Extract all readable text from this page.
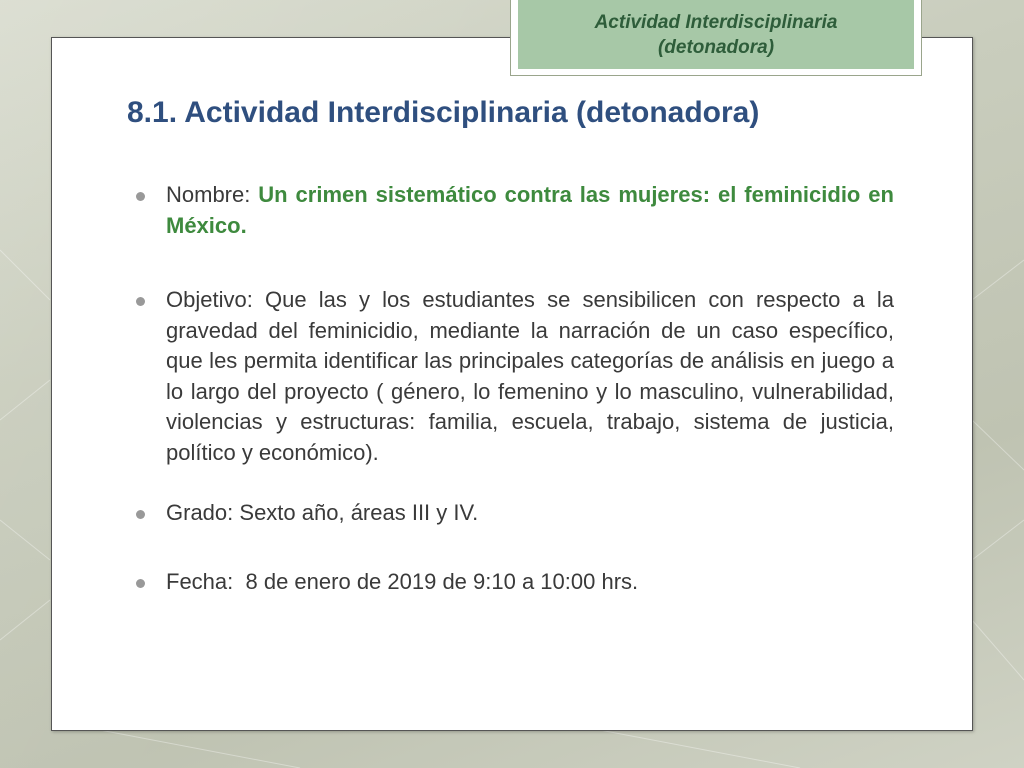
Actividad Interdisciplinaria
(detonadora)
8.1. Actividad Interdisciplinaria (detonadora)
Nombre: Un crimen sistemático contra las mujeres: el feminicidio en México.
Objetivo: Que las y los estudiantes se sensibilicen con respecto a la gravedad del feminicidio, mediante la narración de un caso específico, que les permita identificar las principales categorías de análisis en juego a lo largo del proyecto ( género, lo femenino y lo masculino, vulnerabilidad, violencias y estructuras: familia, escuela, trabajo, sistema de justicia, político y económico).
Grado: Sexto año, áreas III y IV.
Fecha:  8 de enero de 2019 de 9:10 a 10:00 hrs.
